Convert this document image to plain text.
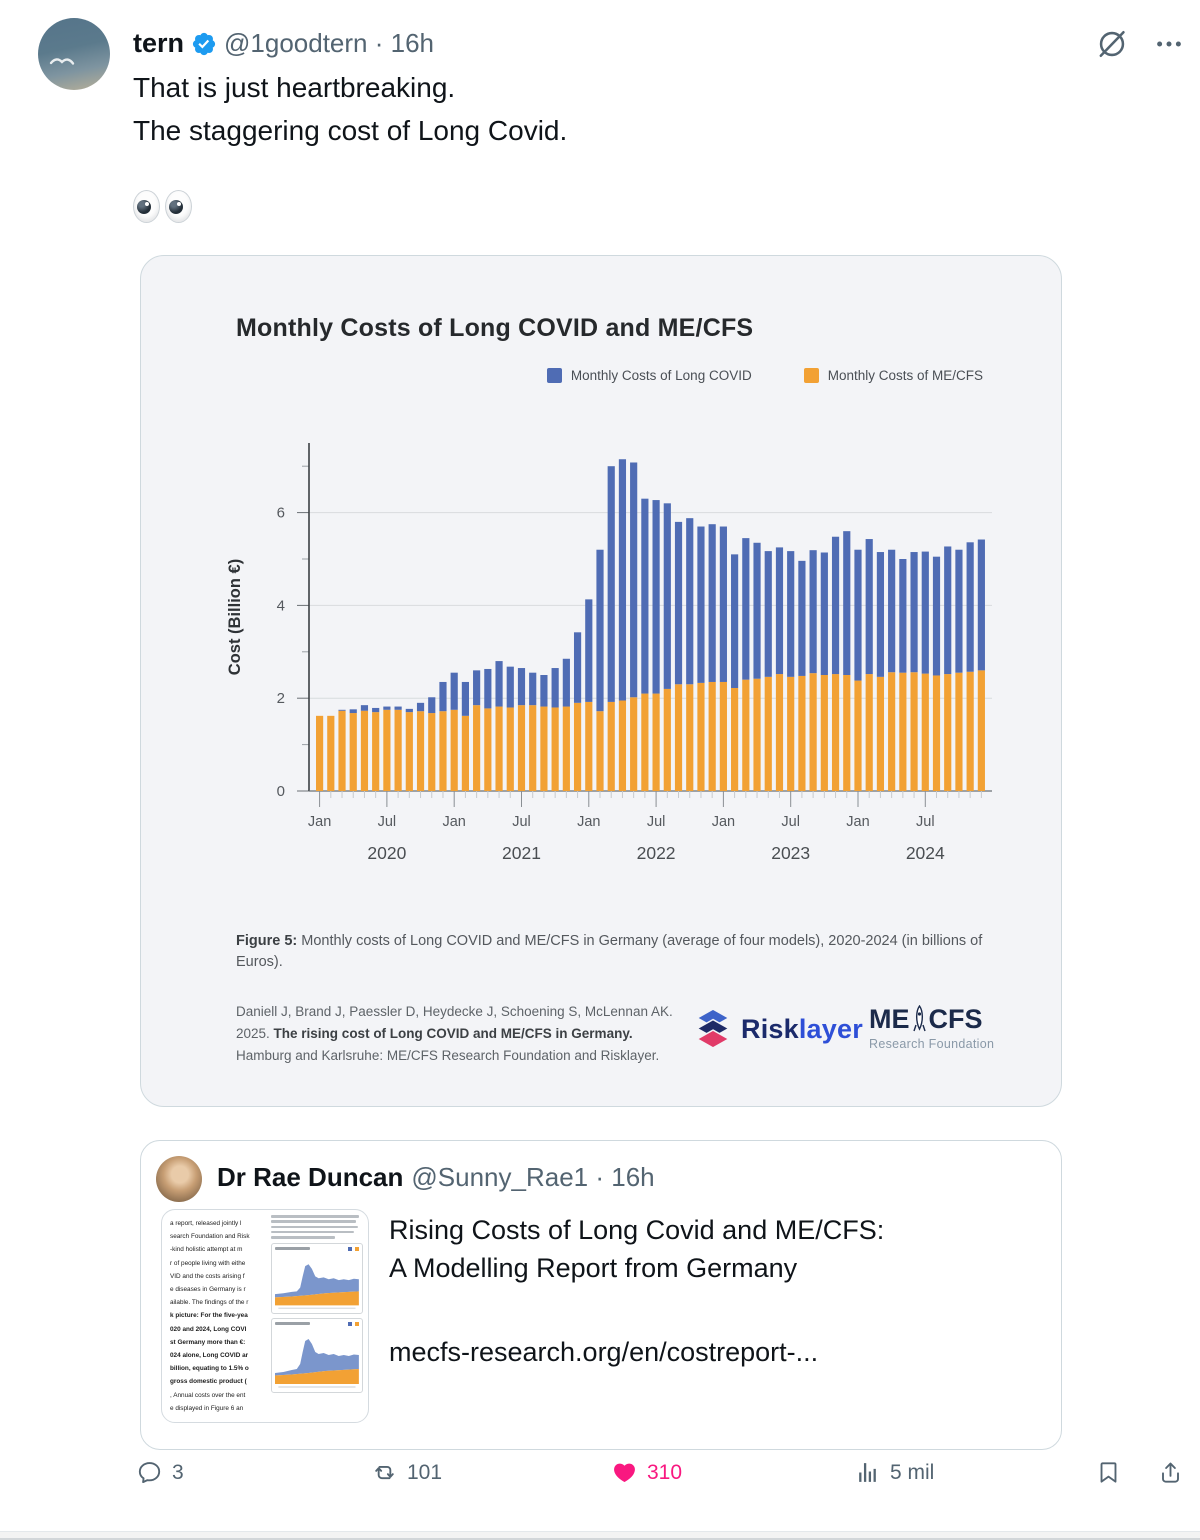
tern @1goodtern · 16h
That is just heartbreaking.
The staggering cost of Long Covid.
Monthly Costs of Long COVID and ME/CFS
Monthly Costs of Long COVID	Monthly Costs of ME/CFS
0
2
4
6
Jan	Jul
2020
Jan	Jul
2021
Jan	Jul
2022
Jan	Jul
2023
Jan	Jul
2024
Cost (Billion €)
Figure 5: Monthly costs of Long COVID and ME/CFS in Germany (average of four models), 2020-2024 (in billions of Euros).
Daniell J, Brand J, Paessler D, Heydecke J, Schoening S, McLennan AK.
2025. The rising cost of Long COVID and ME/CFS in Germany.
Hamburg and Karlsruhe: ME/CFS Research Foundation and Risklayer.
Risklayer ME CFS
Research Foundation
Dr Rae Duncan @Sunny_Rae1 · 16h
a report, released jointly l
search Foundation and Risk
-kind holistic attempt at m
r of people living with eithe
VID and the costs arising f
e diseases in Germany is r
ailable. The findings of the r
k picture: For the five-yea
020 and 2024, Long COVI
st Germany more than €:
024 alone, Long COVID ar
billion, equating to 1.5% o
gross domestic product (
, Annual costs over the ent
e displayed in Figure 6 an
Rising Costs of Long Covid and ME/CFS:
A Modelling Report from Germany
mecfs-research.org/en/costreport-...
3	101	310	5 mil
